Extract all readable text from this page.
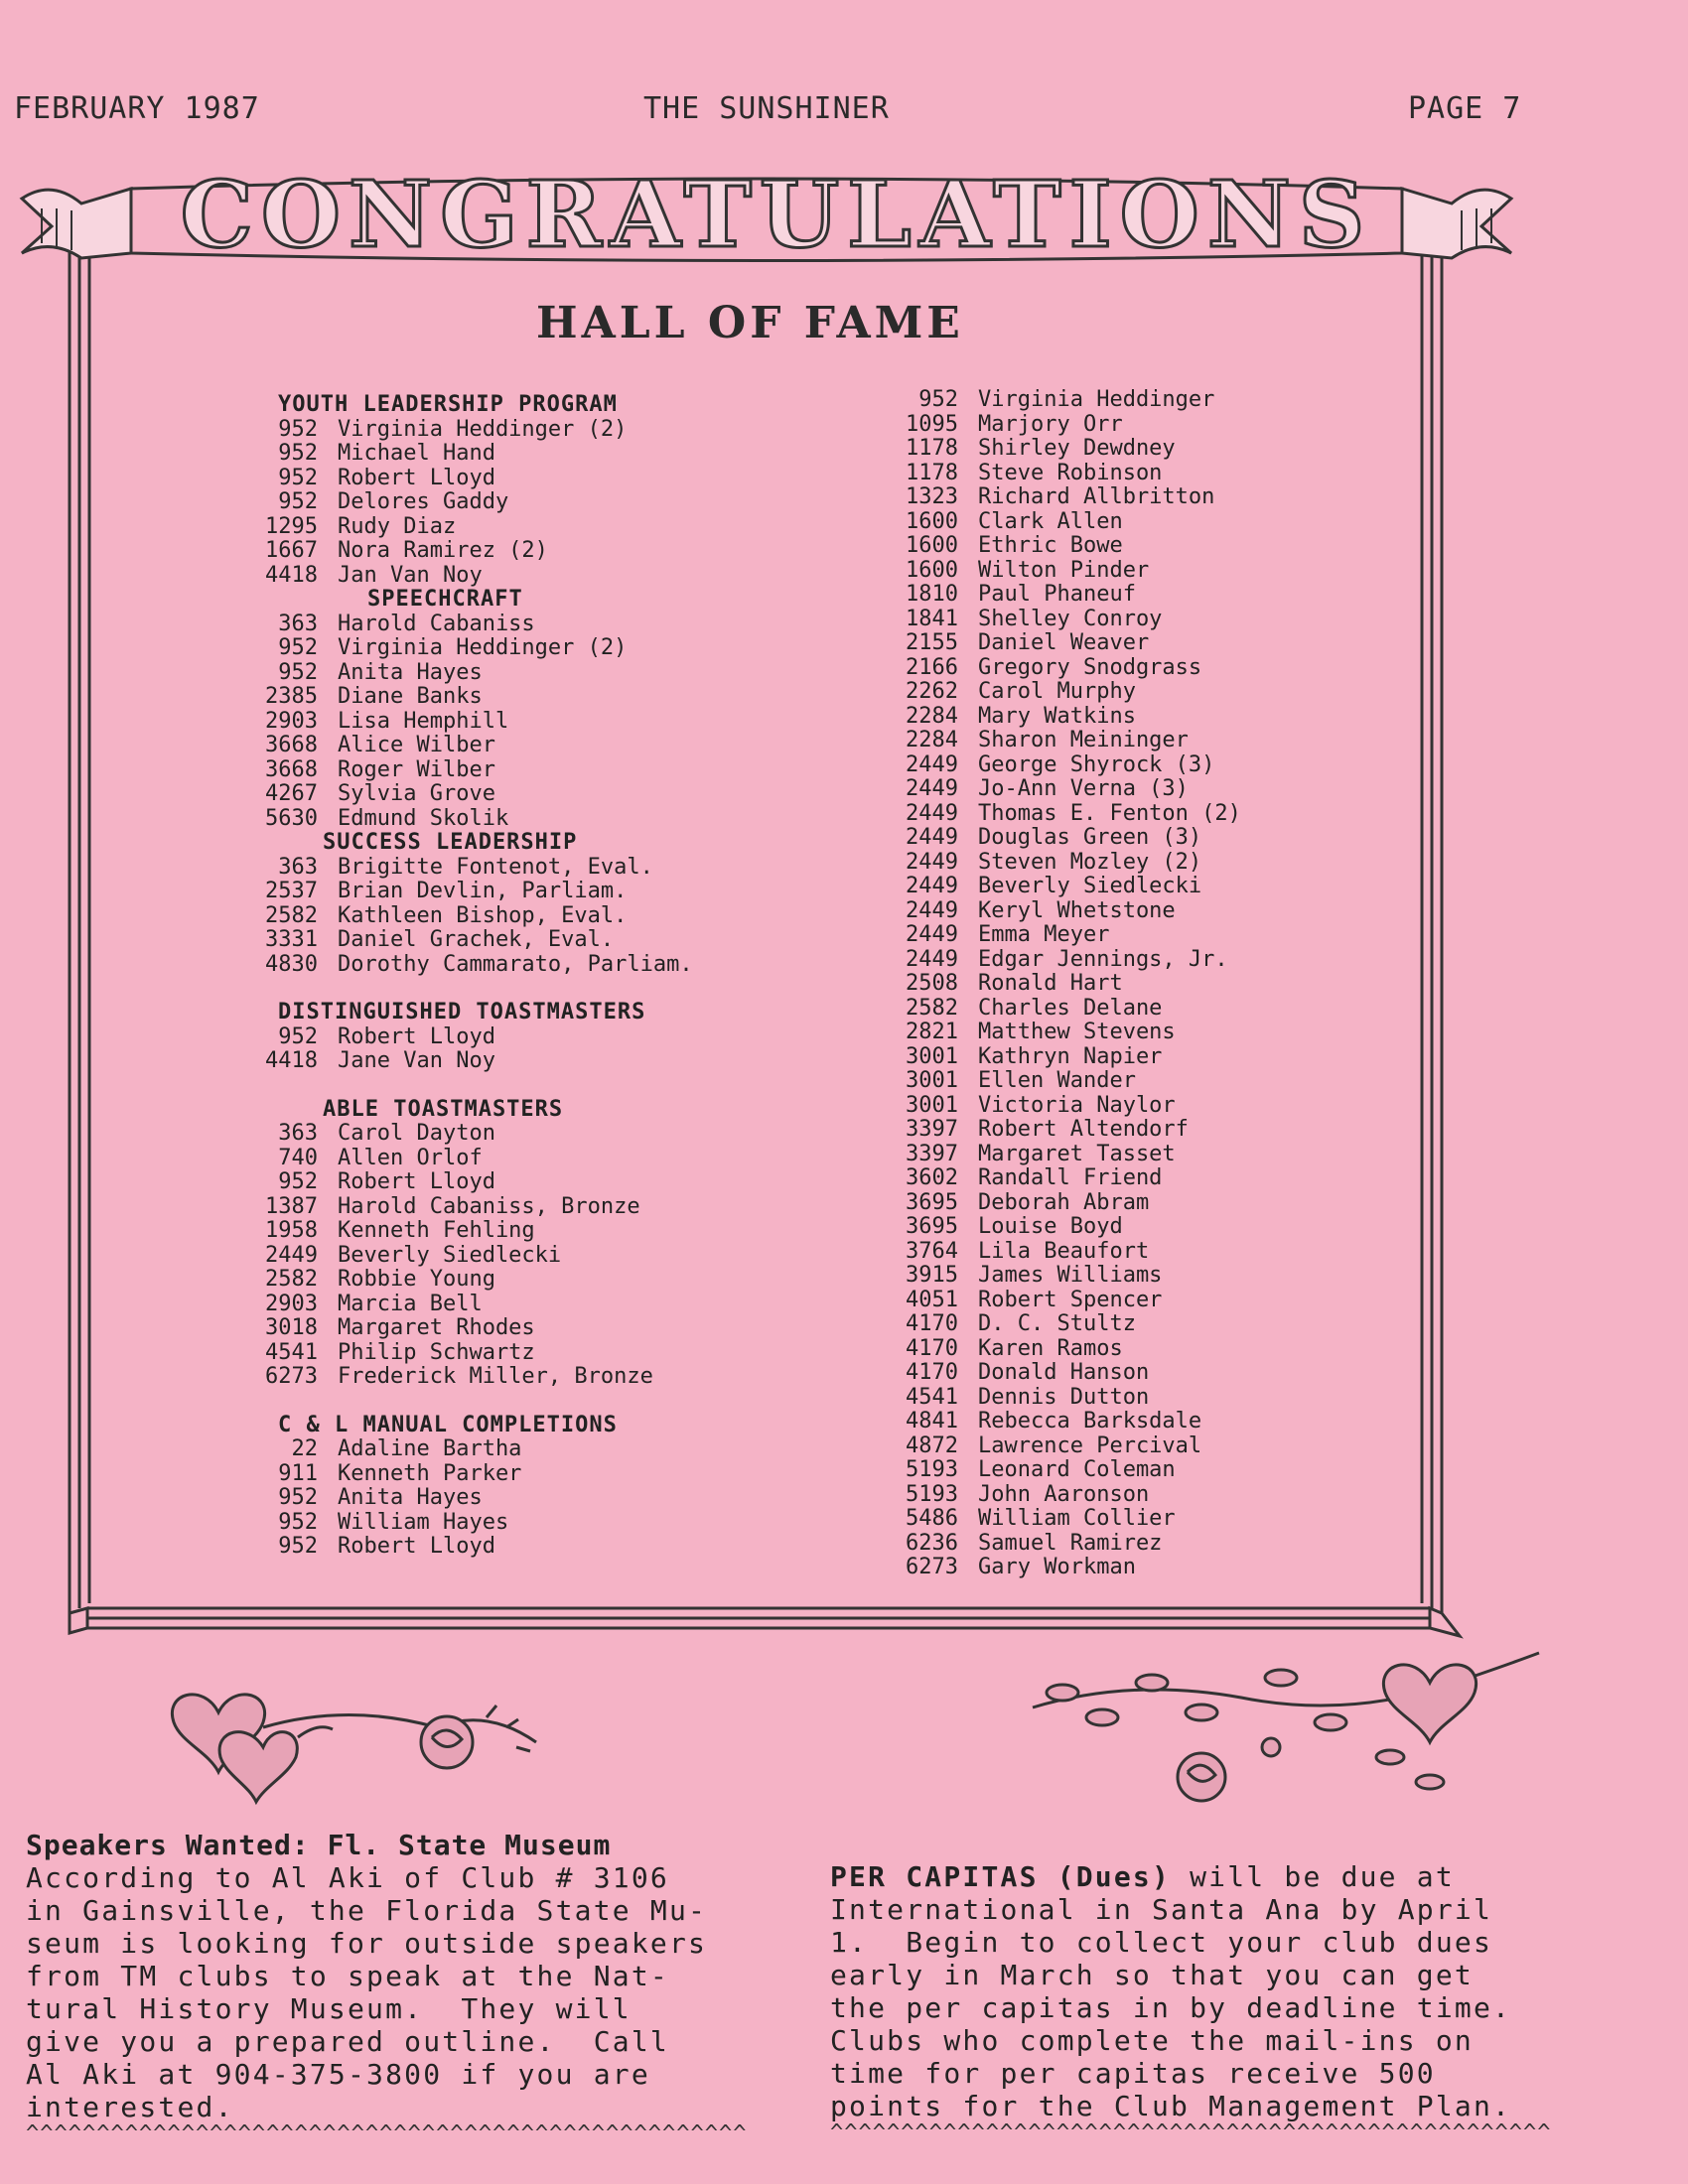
FEBRUARY 1987	THE SUNSHINER	PAGE 7
CONGRATULATIONS
HALL OF FAME
YOUTH LEADERSHIP PROGRAM
952 Virginia Heddinger (2)
952 Michael Hand
952 Robert Lloyd
952 Delores Gaddy
1295 Rudy Diaz
1667 Nora Ramirez (2)
4418 Jan Van Noy
SPEECHCRAFT
363 Harold Cabaniss
952 Virginia Heddinger (2)
952 Anita Hayes
2385 Diane Banks
2903 Lisa Hemphill
3668 Alice Wilber
3668 Roger Wilber
4267 Sylvia Grove
5630 Edmund Skolik
SUCCESS LEADERSHIP
363 Brigitte Fontenot, Eval.
2537 Brian Devlin, Parliam.
2582 Kathleen Bishop, Eval.
3331 Daniel Grachek, Eval.
4830 Dorothy Cammarato, Parliam.
DISTINGUISHED TOASTMASTERS
952 Robert Lloyd
4418 Jane Van Noy
ABLE TOASTMASTERS
363 Carol Dayton
740 Allen Orlof
952 Robert Lloyd
1387 Harold Cabaniss, Bronze
1958 Kenneth Fehling
2449 Beverly Siedlecki
2582 Robbie Young
2903 Marcia Bell
3018 Margaret Rhodes
4541 Philip Schwartz
6273 Frederick Miller, Bronze
C & L MANUAL COMPLETIONS
22 Adaline Bartha
911 Kenneth Parker
952 Anita Hayes
952 William Hayes
952 Robert Lloyd
952 Virginia Heddinger
1095 Marjory Orr
1178 Shirley Dewdney
1178 Steve Robinson
1323 Richard Allbritton
1600 Clark Allen
1600 Ethric Bowe
1600 Wilton Pinder
1810 Paul Phaneuf
1841 Shelley Conroy
2155 Daniel Weaver
2166 Gregory Snodgrass
2262 Carol Murphy
2284 Mary Watkins
2284 Sharon Meininger
2449 George Shyrock (3)
2449 Jo-Ann Verna (3)
2449 Thomas E. Fenton (2)
2449 Douglas Green (3)
2449 Steven Mozley (2)
2449 Beverly Siedlecki
2449 Keryl Whetstone
2449 Emma Meyer
2449 Edgar Jennings, Jr.
2508 Ronald Hart
2582 Charles Delane
2821 Matthew Stevens
3001 Kathryn Napier
3001 Ellen Wander
3001 Victoria Naylor
3397 Robert Altendorf
3397 Margaret Tasset
3602 Randall Friend
3695 Deborah Abram
3695 Louise Boyd
3764 Lila Beaufort
3915 James Williams
4051 Robert Spencer
4170 D. C. Stultz
4170 Karen Ramos
4170 Donald Hanson
4541 Dennis Dutton
4841 Rebecca Barksdale
4872 Lawrence Percival
5193 Leonard Coleman
5193 John Aaronson
5486 William Collier
6236 Samuel Ramirez
6273 Gary Workman
Speakers Wanted: Fl. State Museum
According to Al Aki of Club # 3106
in Gainsville, the Florida State Mu-
seum is looking for outside speakers
from TM clubs to speak at the Nat-
tural History Museum.  They will
give you a prepared outline.  Call
Al Aki at 904-375-3800 if you are
interested.
^^^^^^^^^^^^^^^^^^^^^^^^^^^^^^^^^^^^^^^^^^^^^^^^^^^
PER CAPITAS (Dues) will be due at
International in Santa Ana by April
1.  Begin to collect your club dues
early in March so that you can get
the per capitas in by deadline time.
Clubs who complete the mail-ins on
time for per capitas receive 500
points for the Club Management Plan.
^^^^^^^^^^^^^^^^^^^^^^^^^^^^^^^^^^^^^^^^^^^^^^^^^^^
